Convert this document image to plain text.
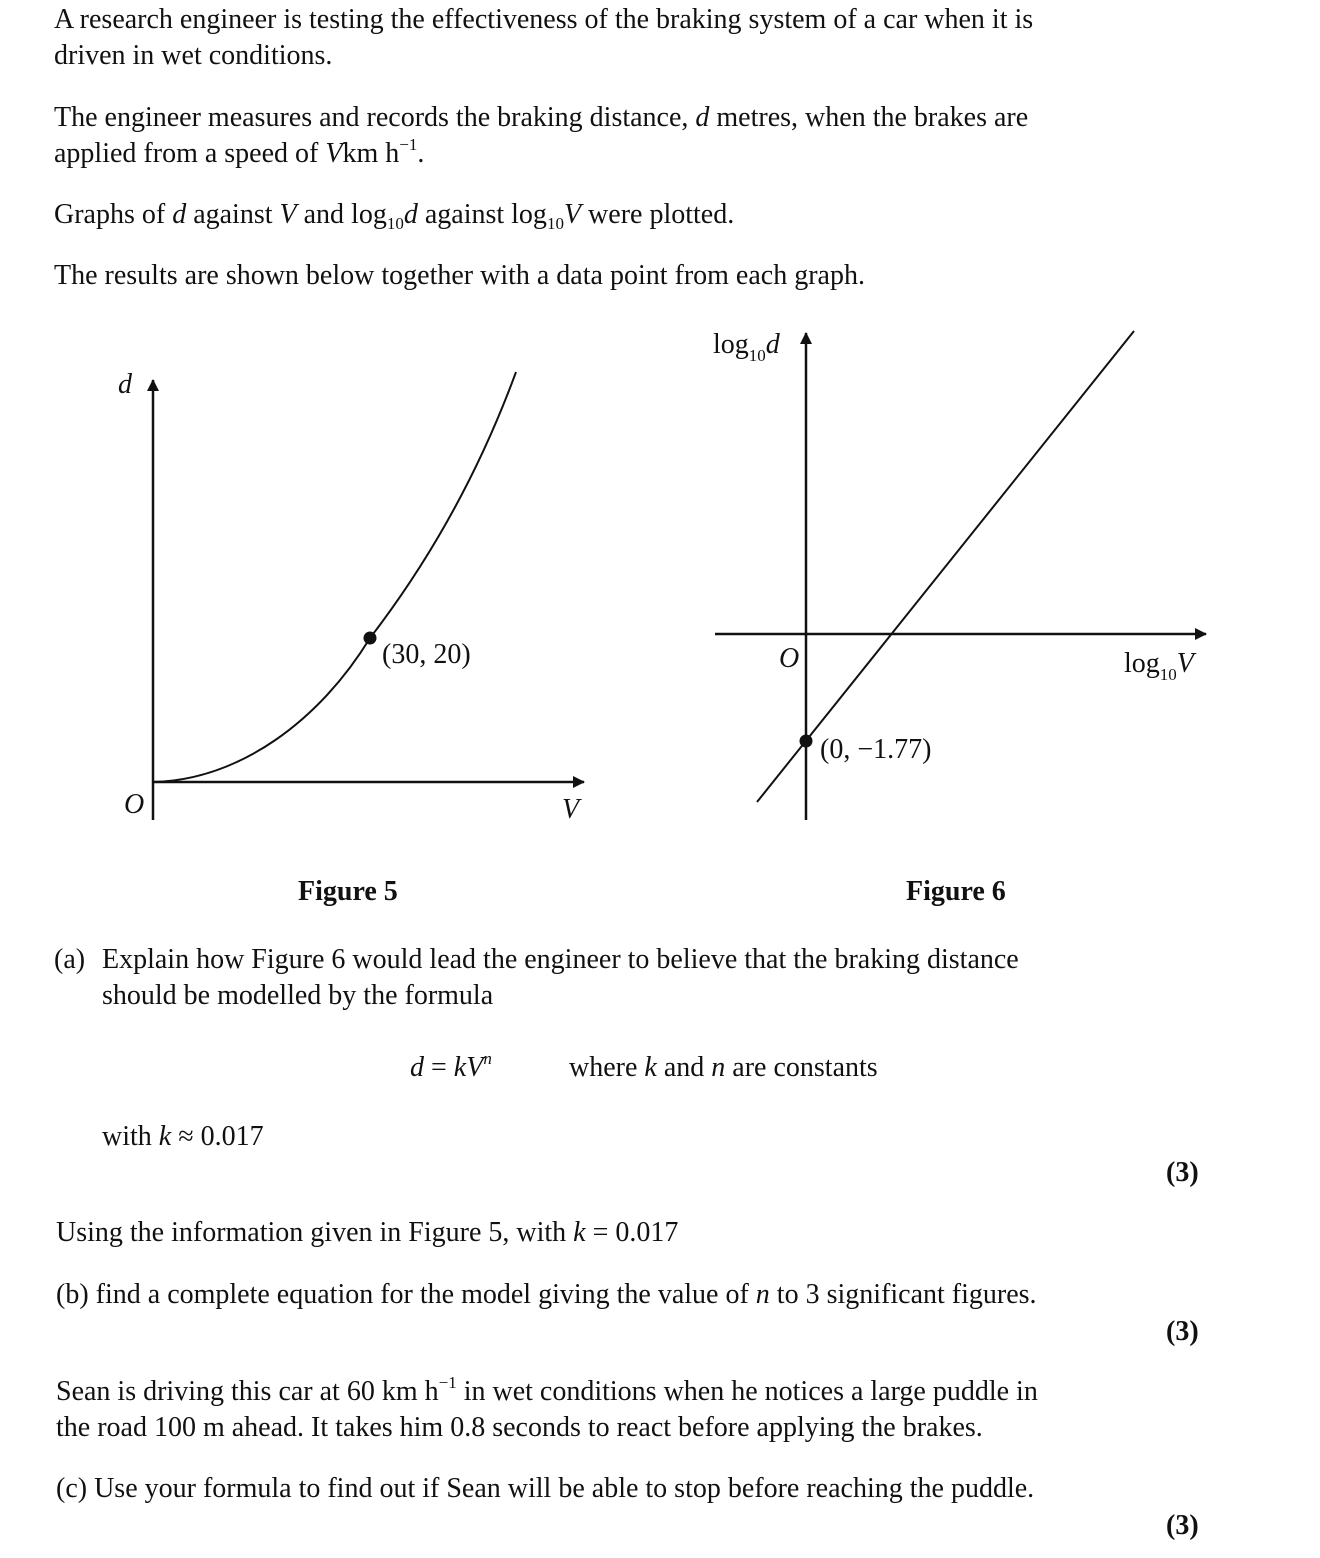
A research engineer is testing the effectiveness of the braking system of a car when it is
driven in wet conditions.
The engineer measures and records the braking distance, d metres, when the brakes are
applied from a speed of Vkm $h^{-1}$.
Graphs of d against V and $\log_{10}d$ against $\log_{10}V$ were plotted.
The results are shown below together with a data point from each graph.
d
V
O
(30, 20)
$\log_{10}d$
$\log_{10}V$
O
(0, −1.77)
Figure 5	Figure 6
(a) Explain how Figure 6 would lead the engineer to believe that the braking distance
should be modelled by the formula
$d = kV^n$	where k and n are constants
with k ≈ 0.017
(3)
Using the information given in Figure 5, with k = 0.017
(b) find a complete equation for the model giving the value of n to 3 significant figures.
(3)
Sean is driving this car at 60 km $h^{-1}$ in wet conditions when he notices a large puddle in
the road 100 m ahead. It takes him 0.8 seconds to react before applying the brakes.
(c) Use your formula to find out if Sean will be able to stop before reaching the puddle.
(3)
